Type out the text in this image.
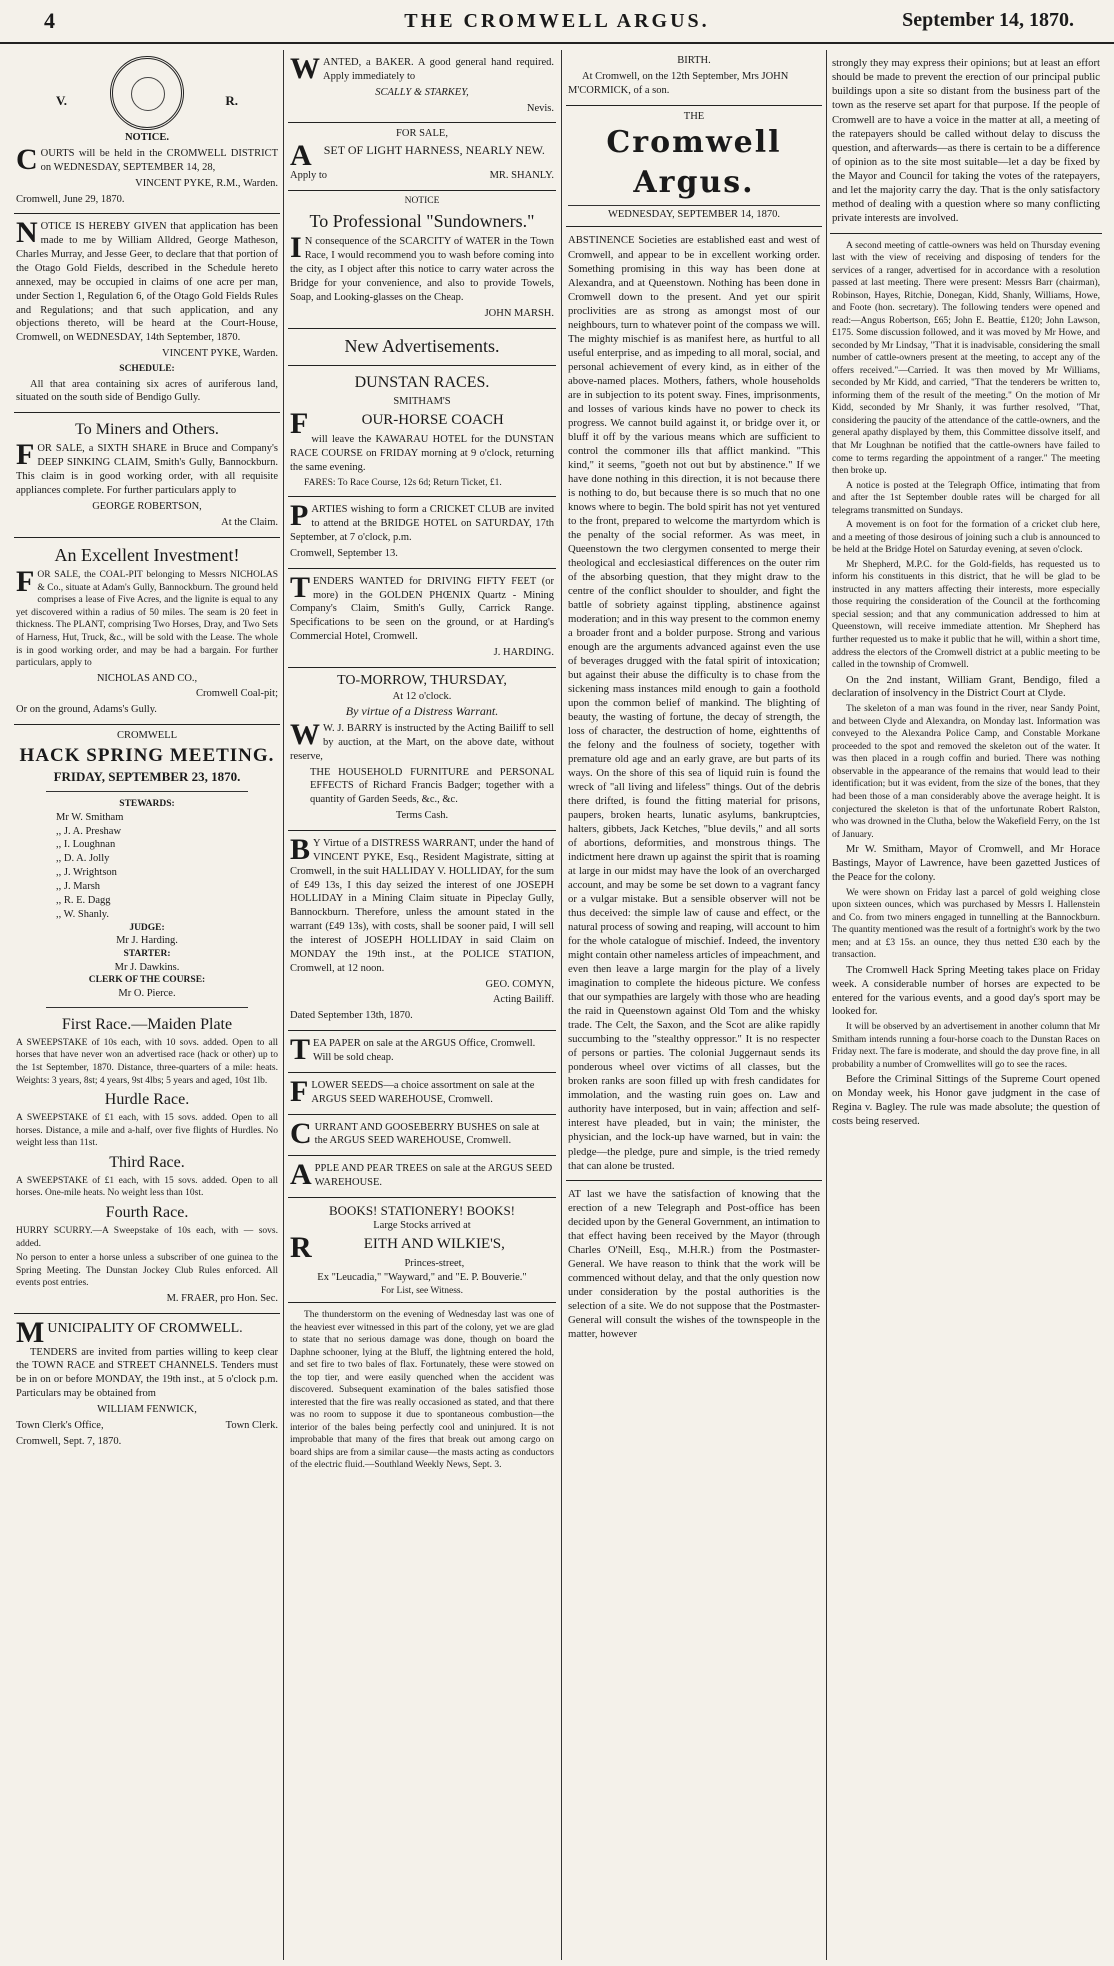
4	THE CROMWELL ARGUS.	September 14, 1870.
V.	R.
NOTICE.

COURTS will be held in the CROMWELL DISTRICT on WEDNESDAY, SEPTEMBER 14, 28,

VINCENT PYKE, R.M., Warden.

Cromwell, June 29, 1870.

NOTICE IS HEREBY GIVEN that application has been made to me by William Alldred, George Matheson, Charles Murray, and Jesse Geer, to declare that that portion of the Otago Gold Fields, described in the Schedule hereto annexed, may be occupied in claims of one acre per man, under Section 1, Regulation 6, of the Otago Gold Fields Rules and Regulations; and that such application, and any objections thereto, will be heard at the Court-House, Cromwell, on WEDNESDAY, 14th September, 1870.

VINCENT PYKE, Warden.

SCHEDULE:

All that area containing six acres of auriferous land, situated on the south side of Bendigo Gully.

To Miners and Others.

FOR SALE, a SIXTH SHARE in Bruce and Company's DEEP SINKING CLAIM, Smith's Gully, Bannockburn. This claim is in good working order, with all requisite appliances complete. For further particulars apply to

GEORGE ROBERTSON,

At the Claim.

An Excellent Investment!

FOR SALE, the COAL-PIT belonging to Messrs NICHOLAS & Co., situate at Adam's Gully, Bannockburn. The ground held comprises a lease of Five Acres, and the lignite is equal to any yet discovered within a radius of 50 miles. The seam is 20 feet in thickness. The PLANT, comprising Two Horses, Dray, and Two Sets of Harness, Hut, Truck, &c., will be sold with the Lease. The whole is in good working order, and may be had a bargain. For further particulars, apply to

NICHOLAS AND CO.,

Cromwell Coal-pit;

Or on the ground, Adams's Gully.

CROMWELL
HACK SPRING MEETING.
FRIDAY, SEPTEMBER 23, 1870.
STEWARDS:
Mr W. Smitham
,, J. A. Preshaw
,, I. Loughnan
,, D. A. Jolly
,, J. Wrightson
,, J. Marsh
,, R. E. Dagg
,, W. Shanly.
JUDGE:
Mr J. Harding.
STARTER:
Mr J. Dawkins.
CLERK OF THE COURSE:
Mr O. Pierce.
First Race.—Maiden Plate

A SWEEPSTAKE of 10s each, with 10 sovs. added. Open to all horses that have never won an advertised race (hack or other) up to the 1st September, 1870. Distance, three-quarters of a mile: heats. Weights: 3 years, 8st; 4 years, 9st 4lbs; 5 years and aged, 10st 1lb.

Hurdle Race.

A SWEEPSTAKE of £1 each, with 15 sovs. added. Open to all horses. Distance, a mile and a-half, over five flights of Hurdles. No weight less than 11st.

Third Race.

A SWEEPSTAKE of £1 each, with 15 sovs. added. Open to all horses. One-mile heats. No weight less than 10st.

Fourth Race.

HURRY SCURRY.—A Sweepstake of 10s each, with — sovs. added.

No person to enter a horse unless a subscriber of one guinea to the Spring Meeting. The Dunstan Jockey Club Rules enforced. All events post entries.

M. FRAER, pro Hon. Sec.

MUNICIPALITY OF CROMWELL.

TENDERS are invited from parties willing to keep clear the TOWN RACE and STREET CHANNELS. Tenders must be in on or before MONDAY, the 19th inst., at 5 o'clock p.m. Particulars may be obtained from

WILLIAM FENWICK,

Town Clerk's Office,	Town Clerk.

Cromwell, Sept. 7, 1870.

WANTED, a BAKER. A good general hand required. Apply immediately to

SCALLY & STARKEY,

Nevis.

FOR SALE,

A SET OF LIGHT HARNESS, NEARLY NEW.

Apply to	MR. SHANLY.

NOTICE
To Professional "Sundowners."

I N consequence of the SCARCITY of WATER in the Town Race, I would recommend you to wash before coming into the city, as I object after this notice to carry water across the Bridge for your convenience, and also to provide Towels, Soap, and Looking-glasses on the Cheap.

JOHN MARSH.

New Advertisements.
DUNSTAN RACES.
SMITHAM'S

F	OUR-HORSE COACH

will leave the KAWARAU HOTEL for the DUNSTAN RACE COURSE on FRIDAY morning at 9 o'clock, returning the same evening.

FARES: To Race Course, 12s 6d; Return Ticket, £1.

PARTIES wishing to form a CRICKET CLUB are invited to attend at the BRIDGE HOTEL on SATURDAY, 17th September, at 7 o'clock, p.m.

Cromwell, September 13.

TENDERS WANTED for DRIVING FIFTY FEET (or more) in the GOLDEN PHŒNIX Quartz - Mining Company's Claim, Smith's Gully, Carrick Range. Specifications to be seen on the ground, or at Harding's Commercial Hotel, Cromwell.

J. HARDING.

TO-MORROW, THURSDAY,
At 12 o'clock.
By virtue of a Distress Warrant.

W W. J. BARRY is instructed by the Acting Bailiff to sell by auction, at the Mart, on the above date, without reserve,

THE HOUSEHOLD FURNITURE and PERSONAL EFFECTS of Richard Francis Badger; together with a quantity of Garden Seeds, &c., &c.

Terms Cash.

B Y Virtue of a DISTRESS WARRANT, under the hand of VINCENT PYKE, Esq., Resident Magistrate, sitting at Cromwell, in the suit HALLIDAY V. HOLLIDAY, for the sum of £49 13s, I this day seized the interest of one JOSEPH HOLLIDAY in a Mining Claim situate in Pipeclay Gully, Bannockburn. Therefore, unless the amount stated in the warrant (£49 13s), with costs, shall be sooner paid, I will sell the interest of JOSEPH HOLLIDAY in said Claim on MONDAY the 19th inst., at the POLICE STATION, Cromwell, at 12 noon.

GEO. COMYN,

Acting Bailiff.

Dated September 13th, 1870.

TEA PAPER on sale at the ARGUS Office, Cromwell. Will be sold cheap.

FLOWER SEEDS—a choice assortment on sale at the ARGUS SEED WAREHOUSE, Cromwell.

CURRANT AND GOOSEBERRY BUSHES on sale at the ARGUS SEED WAREHOUSE, Cromwell.

APPLE AND PEAR TREES on sale at the ARGUS SEED WAREHOUSE.

BOOKS! STATIONERY! BOOKS!
Large Stocks arrived at

R	EITH AND WILKIE'S,

Princes-street,
Ex "Leucadia," "Wayward," and "E. P. Bouverie."
For List, see Witness.

The thunderstorm on the evening of Wednesday last was one of the heaviest ever witnessed in this part of the colony, yet we are glad to state that no serious damage was done, though on board the Daphne schooner, lying at the Bluff, the lightning entered the hold, and set fire to two bales of flax. Fortunately, these were stowed on the top tier, and were easily quenched when the accident was discovered. Subsequent examination of the bales satisfied those interested that the fire was really occasioned as stated, and that there was no room to suppose it due to spontaneous combustion—the interior of the bales being perfectly cool and uninjured. It is not improbable that many of the fires that break out among cargo on board ships are from a similar cause—the masts acting as conductors of the electric fluid.—Southland Weekly News, Sept. 3.

BIRTH.

At Cromwell, on the 12th September, Mrs JOHN M'CORMICK, of a son.

THE
Cromwell Argus.
WEDNESDAY, SEPTEMBER 14, 1870.

ABSTINENCE Societies are established east and west of Cromwell, and appear to be in excellent working order. Something promising in this way has been done at Alexandra, and at Queenstown. Nothing has been done in Cromwell down to the present. And yet our spirit proclivities are as strong as amongst most of our neighbours, turn to whatever point of the compass we will. The mighty mischief is as manifest here, as hurtful to all useful enterprise, and as impeding to all moral, social, and personal achievement of every kind, as in either of the above-named places. Mothers, fathers, whole households are in subjection to its potent sway. Fines, imprisonments, and losses of various kinds have no power to check its progress. We cannot build against it, or bridge over it, or bluff it off by the various means which are sufficient to control the commoner ills that afflict mankind. "This kind," it seems, "goeth not out but by abstinence." If we have done nothing in this direction, it is not because there is nothing to do, but because there is so much that no one knows where to begin. The bold spirit has not yet ventured to the front, prepared to welcome the martyrdom which is the penalty of the social reformer. As was meet, in Queenstown the two clergymen consented to merge their theological and ecclesiastical differences on the outer rim of the absorbing question, that they might draw to the centre of the conflict shoulder to shoulder, and fight the battle of sobriety against tippling, abstinence against moderation; and in this way present to the common enemy a broader front and a bolder purpose. Strong and various enough are the arguments advanced against even the use of beverages drugged with the fatal spirit of intoxication; but against their abuse the difficulty is to chase from the sickening mass instances mild enough to gain a foothold upon the common belief of mankind. The blighting of beauty, the wasting of fortune, the decay of strength, the loss of character, the destruction of home, eighttenths of the felony and the foulness of society, together with premature old age and an early grave, are but parts of its ways. On the shore of this sea of liquid ruin is found the wreck of "all living and lifeless" things. Out of the debris there drifted, is found the fitting material for prisons, paupers, broken hearts, lunatic asylums, bankruptcies, halters, gibbets, Jack Ketches, "blue devils," and all sorts of abortions, deformities, and monstrous things. The indictment here drawn up against the spirit that is roaming at large in our midst may have the look of an overcharged account, and may be some be set down to a vagrant fancy or a vulgar mistake. But a sensible observer will not be thus deceived: the simple law of cause and effect, or the natural process of sowing and reaping, will account to him for the whole catalogue of mischief. Indeed, the inventory might contain other nameless articles of impeachment, and even then leave a large margin for the play of a lively imagination to complete the hideous picture. We confess that our sympathies are largely with those who are heading the raid in Queenstown against Old Tom and the whisky trade. The Celt, the Saxon, and the Scot are alike rapidly succumbing to the "stealthy oppressor." It is no respecter of persons or parties. The colonial Juggernaut sends its ponderous wheel over victims of all classes, but the broken ranks are soon filled up with fresh candidates for immolation, and the wasting ruin goes on. Law and authority have interposed, but in vain; affection and self-interest have pleaded, but in vain; the minister, the physician, and the lock-up have warned, but in vain: the pledge—the pledge, pure and simple, is the tried remedy that can alone be trusted.

AT last we have the satisfaction of knowing that the erection of a new Telegraph and Post-office has been decided upon by the General Government, an intimation to that effect having been received by the Mayor (through Charles O'Neill, Esq., M.H.R.) from the Postmaster-General. We have reason to think that the work will be commenced without delay, and that the only question now under consideration by the postal authorities is the selection of a site. We do not suppose that the Postmaster-General will consult the wishes of the townspeople in the matter, however

strongly they may express their opinions; but at least an effort should be made to prevent the erection of our principal public buildings upon a site so distant from the business part of the town as the reserve set apart for that purpose. If the people of Cromwell are to have a voice in the matter at all, a meeting of the ratepayers should be called without delay to discuss the question, and afterwards—as there is certain to be a difference of opinion as to the site most suitable—let a day be fixed by the Mayor and Council for taking the votes of the ratepayers, and let the majority carry the day. That is the only satisfactory method of dealing with a question where so many conflicting private interests are involved.

A second meeting of cattle-owners was held on Thursday evening last with the view of receiving and disposing of tenders for the services of a ranger, advertised for in accordance with a resolution passed at last meeting. There were present: Messrs Barr (chairman), Robinson, Hayes, Ritchie, Donegan, Kidd, Shanly, Williams, Howe, and Foote (hon. secretary). The following tenders were opened and read:—Angus Robertson, £65; John E. Beattie, £120; John Lawson, £175. Some discussion followed, and it was moved by Mr Howe, and seconded by Mr Lindsay, "That it is inadvisable, considering the small number of cattle-owners present at the meeting, to accept any of the offers received."—Carried. It was then moved by Mr Williams, seconded by Mr Kidd, and carried, "That the tenderers be written to, informing them of the result of the meeting." On the motion of Mr Kidd, seconded by Mr Shanly, it was further resolved, "That, considering the paucity of the attendance of the cattle-owners, and the general apathy displayed by them, this Committee dissolve itself, and that Mr Loughnan be notified that the cattle-owners have failed to come to terms regarding the appointment of a ranger." The meeting then broke up.

A notice is posted at the Telegraph Office, intimating that from and after the 1st September double rates will be charged for all telegrams transmitted on Sundays.

A movement is on foot for the formation of a cricket club here, and a meeting of those desirous of joining such a club is announced to be held at the Bridge Hotel on Saturday evening, at seven o'clock.

Mr Shepherd, M.P.C. for the Gold-fields, has requested us to inform his constituents in this district, that he will be glad to be instructed in any matters affecting their interests, more especially those requiring the consideration of the Council at the forthcoming special session; and that any communication addressed to him at Queenstown, will receive immediate attention. Mr Shepherd has further requested us to make it public that he will, within a short time, address the electors of the Cromwell district at a public meeting to be called in the township of Cromwell.

On the 2nd instant, William Grant, Bendigo, filed a declaration of insolvency in the District Court at Clyde.

The skeleton of a man was found in the river, near Sandy Point, and between Clyde and Alexandra, on Monday last. Information was conveyed to the Alexandra Police Camp, and Constable Morkane proceeded to the spot and removed the skeleton out of the water. It was then placed in a rough coffin and buried. There was nothing observable in the appearance of the remains that would lead to their identification; but it was evident, from the size of the bones, that they had been those of a man considerably above the average height. It is conjectured the skeleton is that of the unfortunate Robert Ralston, who was drowned in the Clutha, below the Wakefield Ferry, on the 1st of January.

Mr W. Smitham, Mayor of Cromwell, and Mr Horace Bastings, Mayor of Lawrence, have been gazetted Justices of the Peace for the colony.

We were shown on Friday last a parcel of gold weighing close upon sixteen ounces, which was purchased by Messrs I. Hallenstein and Co. from two miners engaged in tunnelling at the Bannockburn. The quantity mentioned was the result of a fortnight's work by the two men; and at £3 15s. an ounce, they thus netted £30 each by the transaction.

The Cromwell Hack Spring Meeting takes place on Friday week. A considerable number of horses are expected to be entered for the various events, and a good day's sport may be looked for.

It will be observed by an advertisement in another column that Mr Smitham intends running a four-horse coach to the Dunstan Races on Friday next. The fare is moderate, and should the day prove fine, in all probability a number of Cromwellites will go to see the races.

Before the Criminal Sittings of the Supreme Court opened on Monday week, his Honor gave judgment in the case of Regina v. Bagley. The rule was made absolute; the question of costs being reserved.
